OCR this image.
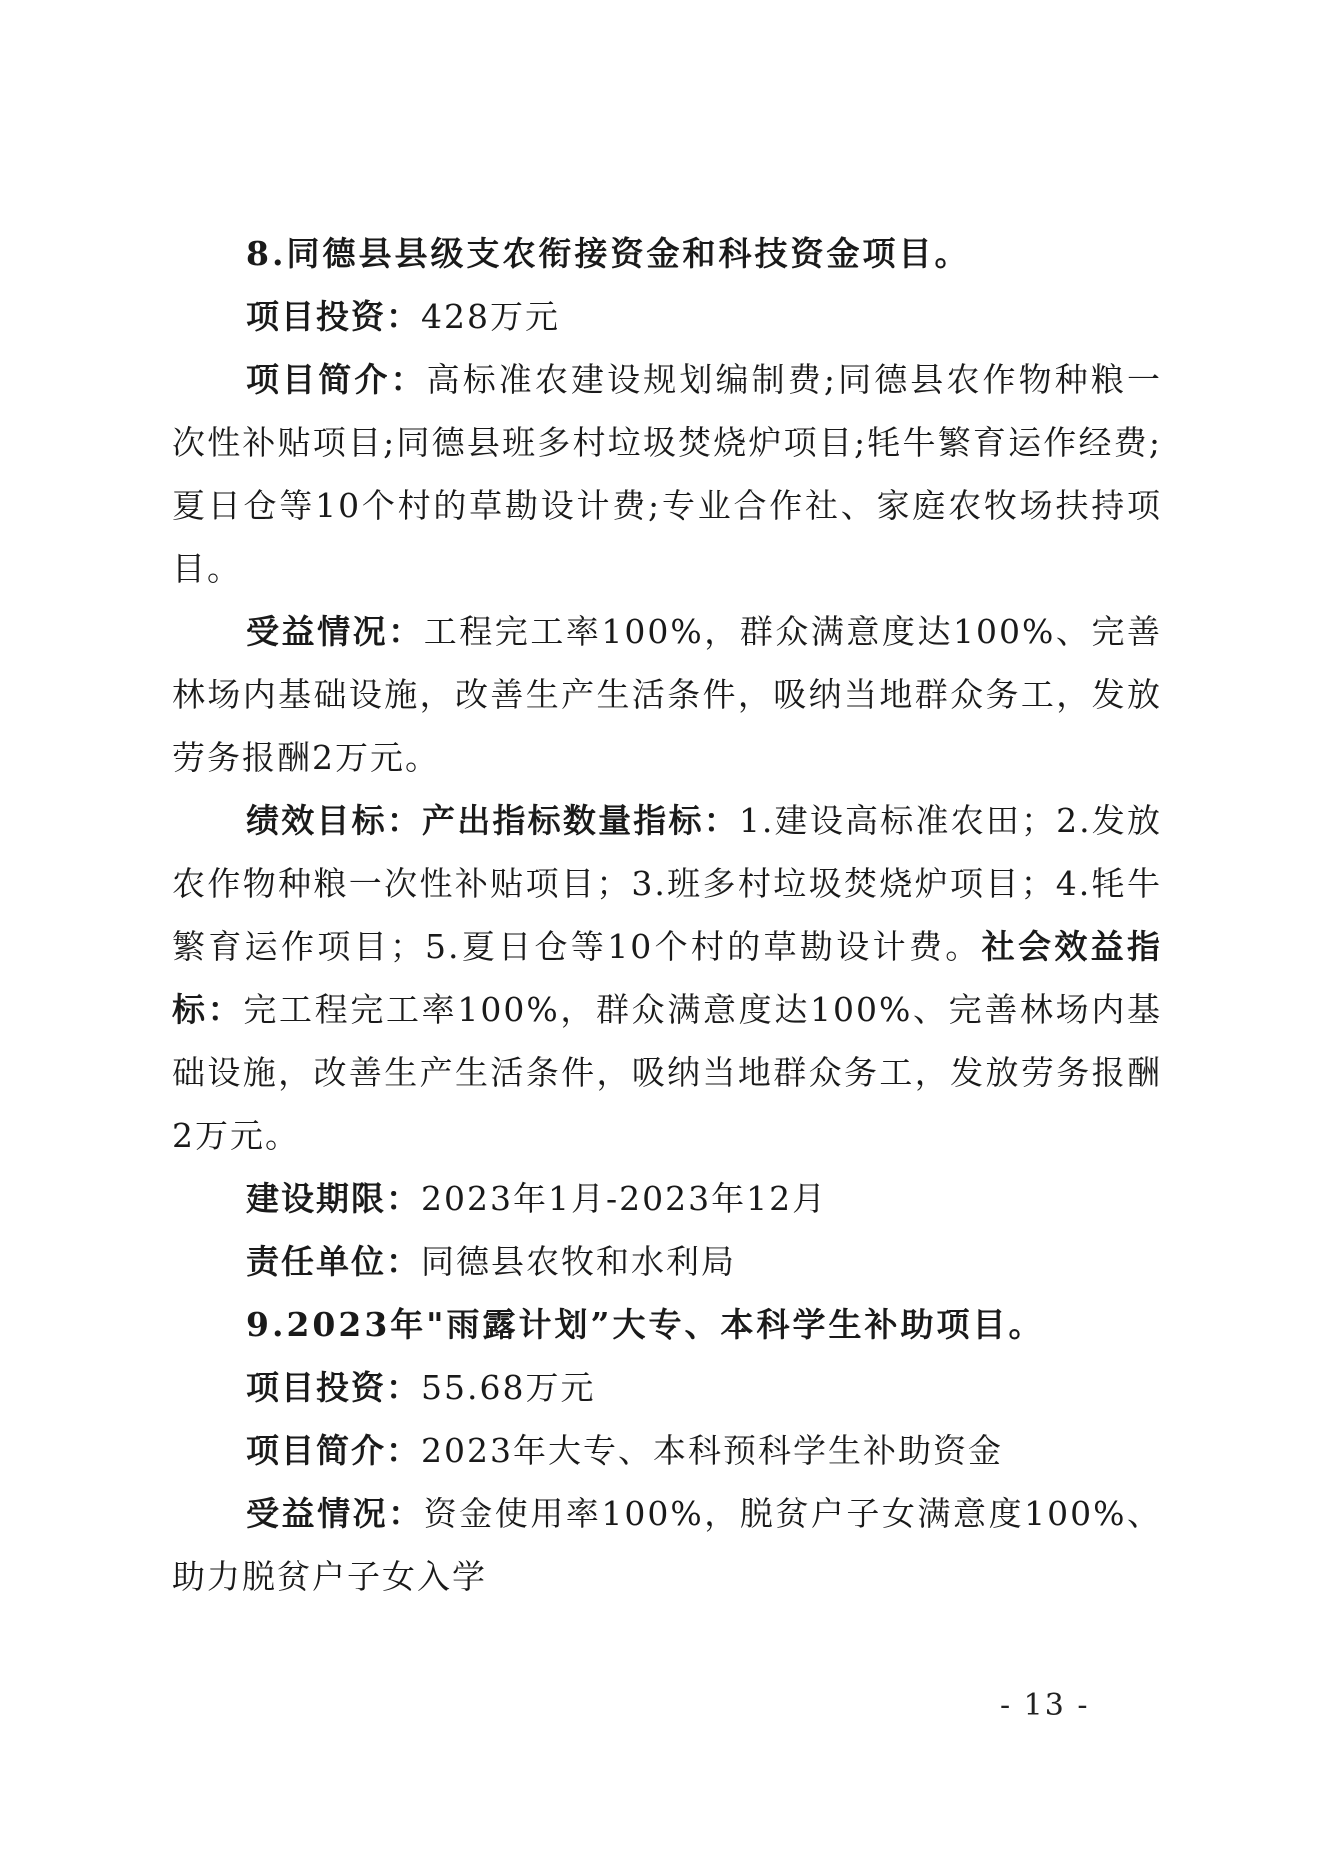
8.同德县县级支农衔接资金和科技资金项目。

项目投资：428万元

项目简介：高标准农建设规划编制费;同德县农作物种粮一次性补贴项目;同德县班多村垃圾焚烧炉项目;牦牛繁育运作经费;夏日仓等10个村的草勘设计费;专业合作社、家庭农牧场扶持项目。

受益情况：工程完工率100%，群众满意度达100%、完善林场内基础设施，改善生产生活条件，吸纳当地群众务工，发放劳务报酬2万元。

绩效目标：产出指标数量指标：1.建设高标准农田；2.发放农作物种粮一次性补贴项目；3.班多村垃圾焚烧炉项目；4.牦牛繁育运作项目；5.夏日仓等10个村的草勘设计费。社会效益指标：完工程完工率100%，群众满意度达100%、完善林场内基础设施，改善生产生活条件，吸纳当地群众务工，发放劳务报酬2万元。

建设期限：2023年1月-2023年12月

责任单位：同德县农牧和水利局

9.2023年"雨露计划”大专、本科学生补助项目。

项目投资：55.68万元

项目简介：2023年大专、本科预科学生补助资金

受益情况：资金使用率100%，脱贫户子女满意度100%、助力脱贫户子女入学

- 13 -
